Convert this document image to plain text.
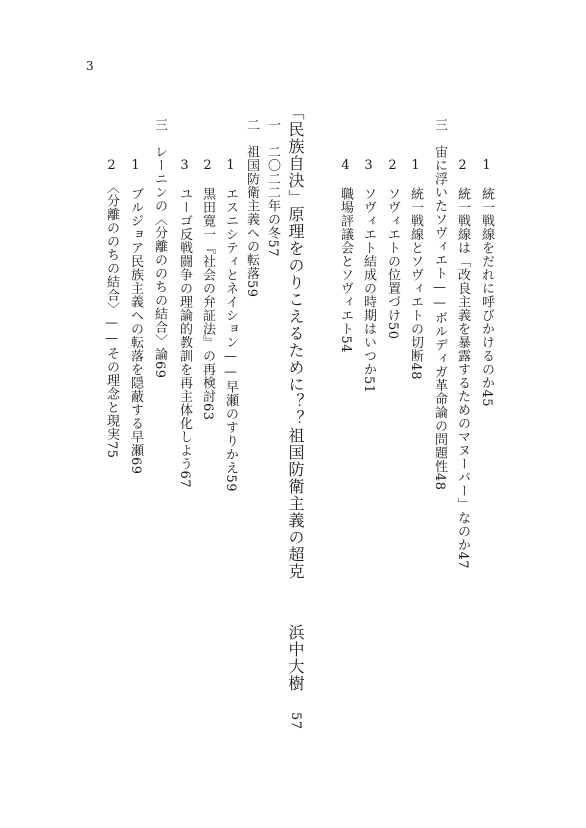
3
1　統一戦線をだれに呼びかけるのか45
2　統一戦線は「改良主義を暴露するためのマヌーバー」なのか47
三　宙に浮いたソヴィエト——ボルディガ革命論の問題性48
1　統一戦線とソヴィエトの切断48
2　ソヴィエトの位置づけ50
3　ソヴィエト結成の時期はいつか51
4　職場評議会とソヴィエト54
「民族自決」原理をのりこえるために？？祖国防衛主義の超克
一　二〇二二年の冬57
二　祖国防衛主義への転落59
1　エスニシティとネイション——早瀬のすりかえ59
2　黒田寛一『社会の弁証法』の再検討63
3　ユーゴ反戦闘争の理論的教訓を再主体化しよう67
三　レーニンの〈分離ののちの結合〉論69
1　ブルジョア民族主義への転落を隠蔽する早瀬69
2　〈分離ののちの結合〉——その理念と現実75
浜中大樹
57
